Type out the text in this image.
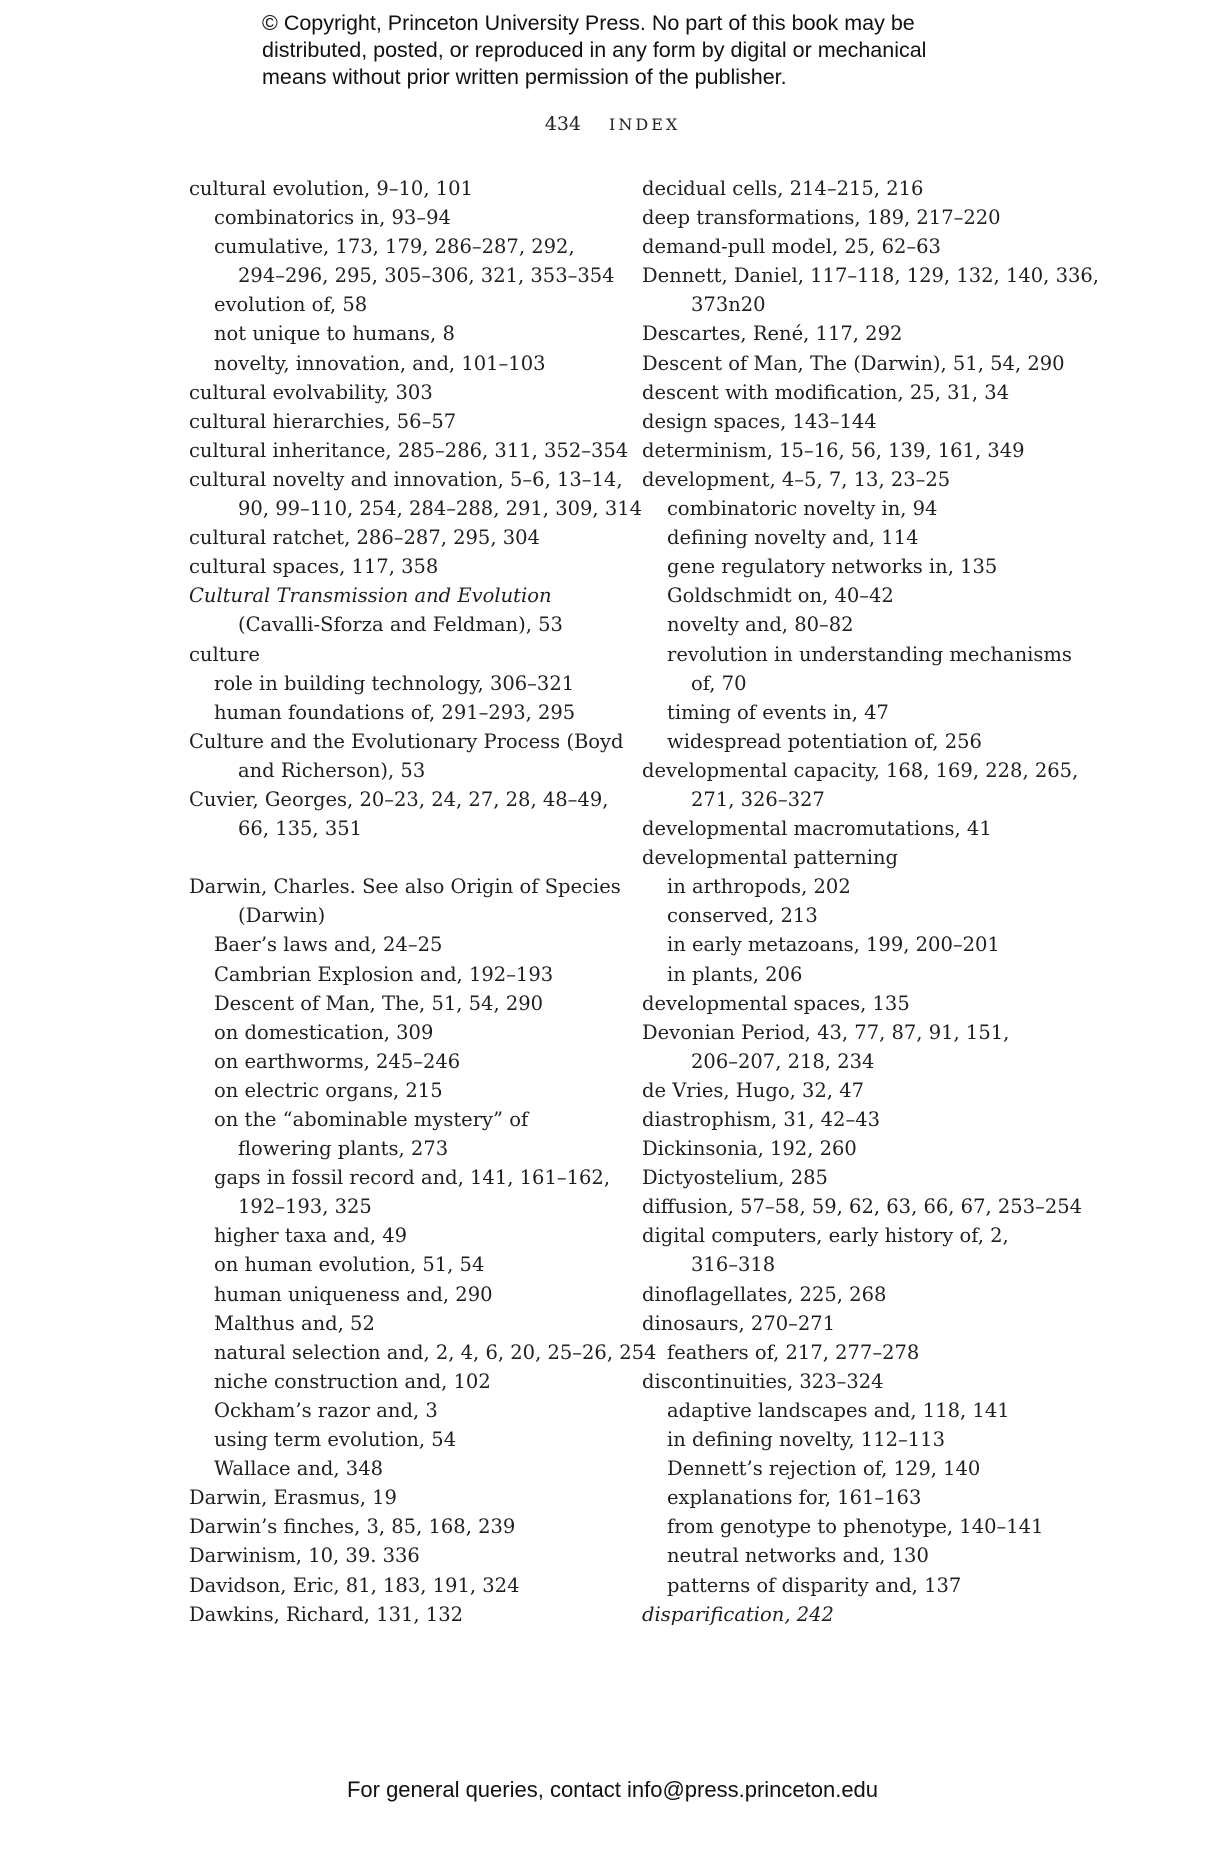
© Copyright, Princeton University Press. No part of this book may be
distributed, posted, or reproduced in any form by digital or mechanical
means without prior written permission of the publisher.
434 INDEX
cultural evolution, 9–10, 101
combinatorics in, 93–94
cumulative, 173, 179, 286–287, 292,
294–296, 295, 305–306, 321, 353–354
evolution of, 58
not unique to humans, 8
novelty, innovation, and, 101–103
cultural evolvability, 303
cultural hierarchies, 56–57
cultural inheritance, 285–286, 311, 352–354
cultural novelty and innovation, 5–6, 13–14,
90, 99–110, 254, 284–288, 291, 309, 314
cultural ratchet, 286–287, 295, 304
cultural spaces, 117, 358
Cultural Transmission and Evolution
(Cavalli-Sforza and Feldman), 53
culture
role in building technology, 306–321
human foundations of, 291–293, 295
Culture and the Evolutionary Process (Boyd
and Richerson), 53
Cuvier, Georges, 20–23, 24, 27, 28, 48–49,
66, 135, 351
Darwin, Charles. See also Origin of Species
(Darwin)
Baer’s laws and, 24–25
Cambrian Explosion and, 192–193
Descent of Man, The, 51, 54, 290
on domestication, 309
on earthworms, 245–246
on electric organs, 215
on the “abominable mystery” of
flowering plants, 273
gaps in fossil record and, 141, 161–162,
192–193, 325
higher taxa and, 49
on human evolution, 51, 54
human uniqueness and, 290
Malthus and, 52
natural selection and, 2, 4, 6, 20, 25–26, 254
niche construction and, 102
Ockham’s razor and, 3
using term evolution, 54
Wallace and, 348
Darwin, Erasmus, 19
Darwin’s finches, 3, 85, 168, 239
Darwinism, 10, 39. 336
Davidson, Eric, 81, 183, 191, 324
Dawkins, Richard, 131, 132
decidual cells, 214–215, 216
deep transformations, 189, 217–220
demand-pull model, 25, 62–63
Dennett, Daniel, 117–118, 129, 132, 140, 336,
373n20
Descartes, René, 117, 292
Descent of Man, The (Darwin), 51, 54, 290
descent with modification, 25, 31, 34
design spaces, 143–144
determinism, 15–16, 56, 139, 161, 349
development, 4–5, 7, 13, 23–25
combinatoric novelty in, 94
defining novelty and, 114
gene regulatory networks in, 135
Goldschmidt on, 40–42
novelty and, 80–82
revolution in understanding mechanisms
of, 70
timing of events in, 47
widespread potentiation of, 256
developmental capacity, 168, 169, 228, 265,
271, 326–327
developmental macromutations, 41
developmental patterning
in arthropods, 202
conserved, 213
in early metazoans, 199, 200–201
in plants, 206
developmental spaces, 135
Devonian Period, 43, 77, 87, 91, 151,
206–207, 218, 234
de Vries, Hugo, 32, 47
diastrophism, 31, 42–43
Dickinsonia, 192, 260
Dictyostelium, 285
diffusion, 57–58, 59, 62, 63, 66, 67, 253–254
digital computers, early history of, 2,
316–318
dinoflagellates, 225, 268
dinosaurs, 270–271
feathers of, 217, 277–278
discontinuities, 323–324
adaptive landscapes and, 118, 141
in defining novelty, 112–113
Dennett’s rejection of, 129, 140
explanations for, 161–163
from genotype to phenotype, 140–141
neutral networks and, 130
patterns of disparity and, 137
disparification, 242
For general queries, contact info@press.princeton.edu
